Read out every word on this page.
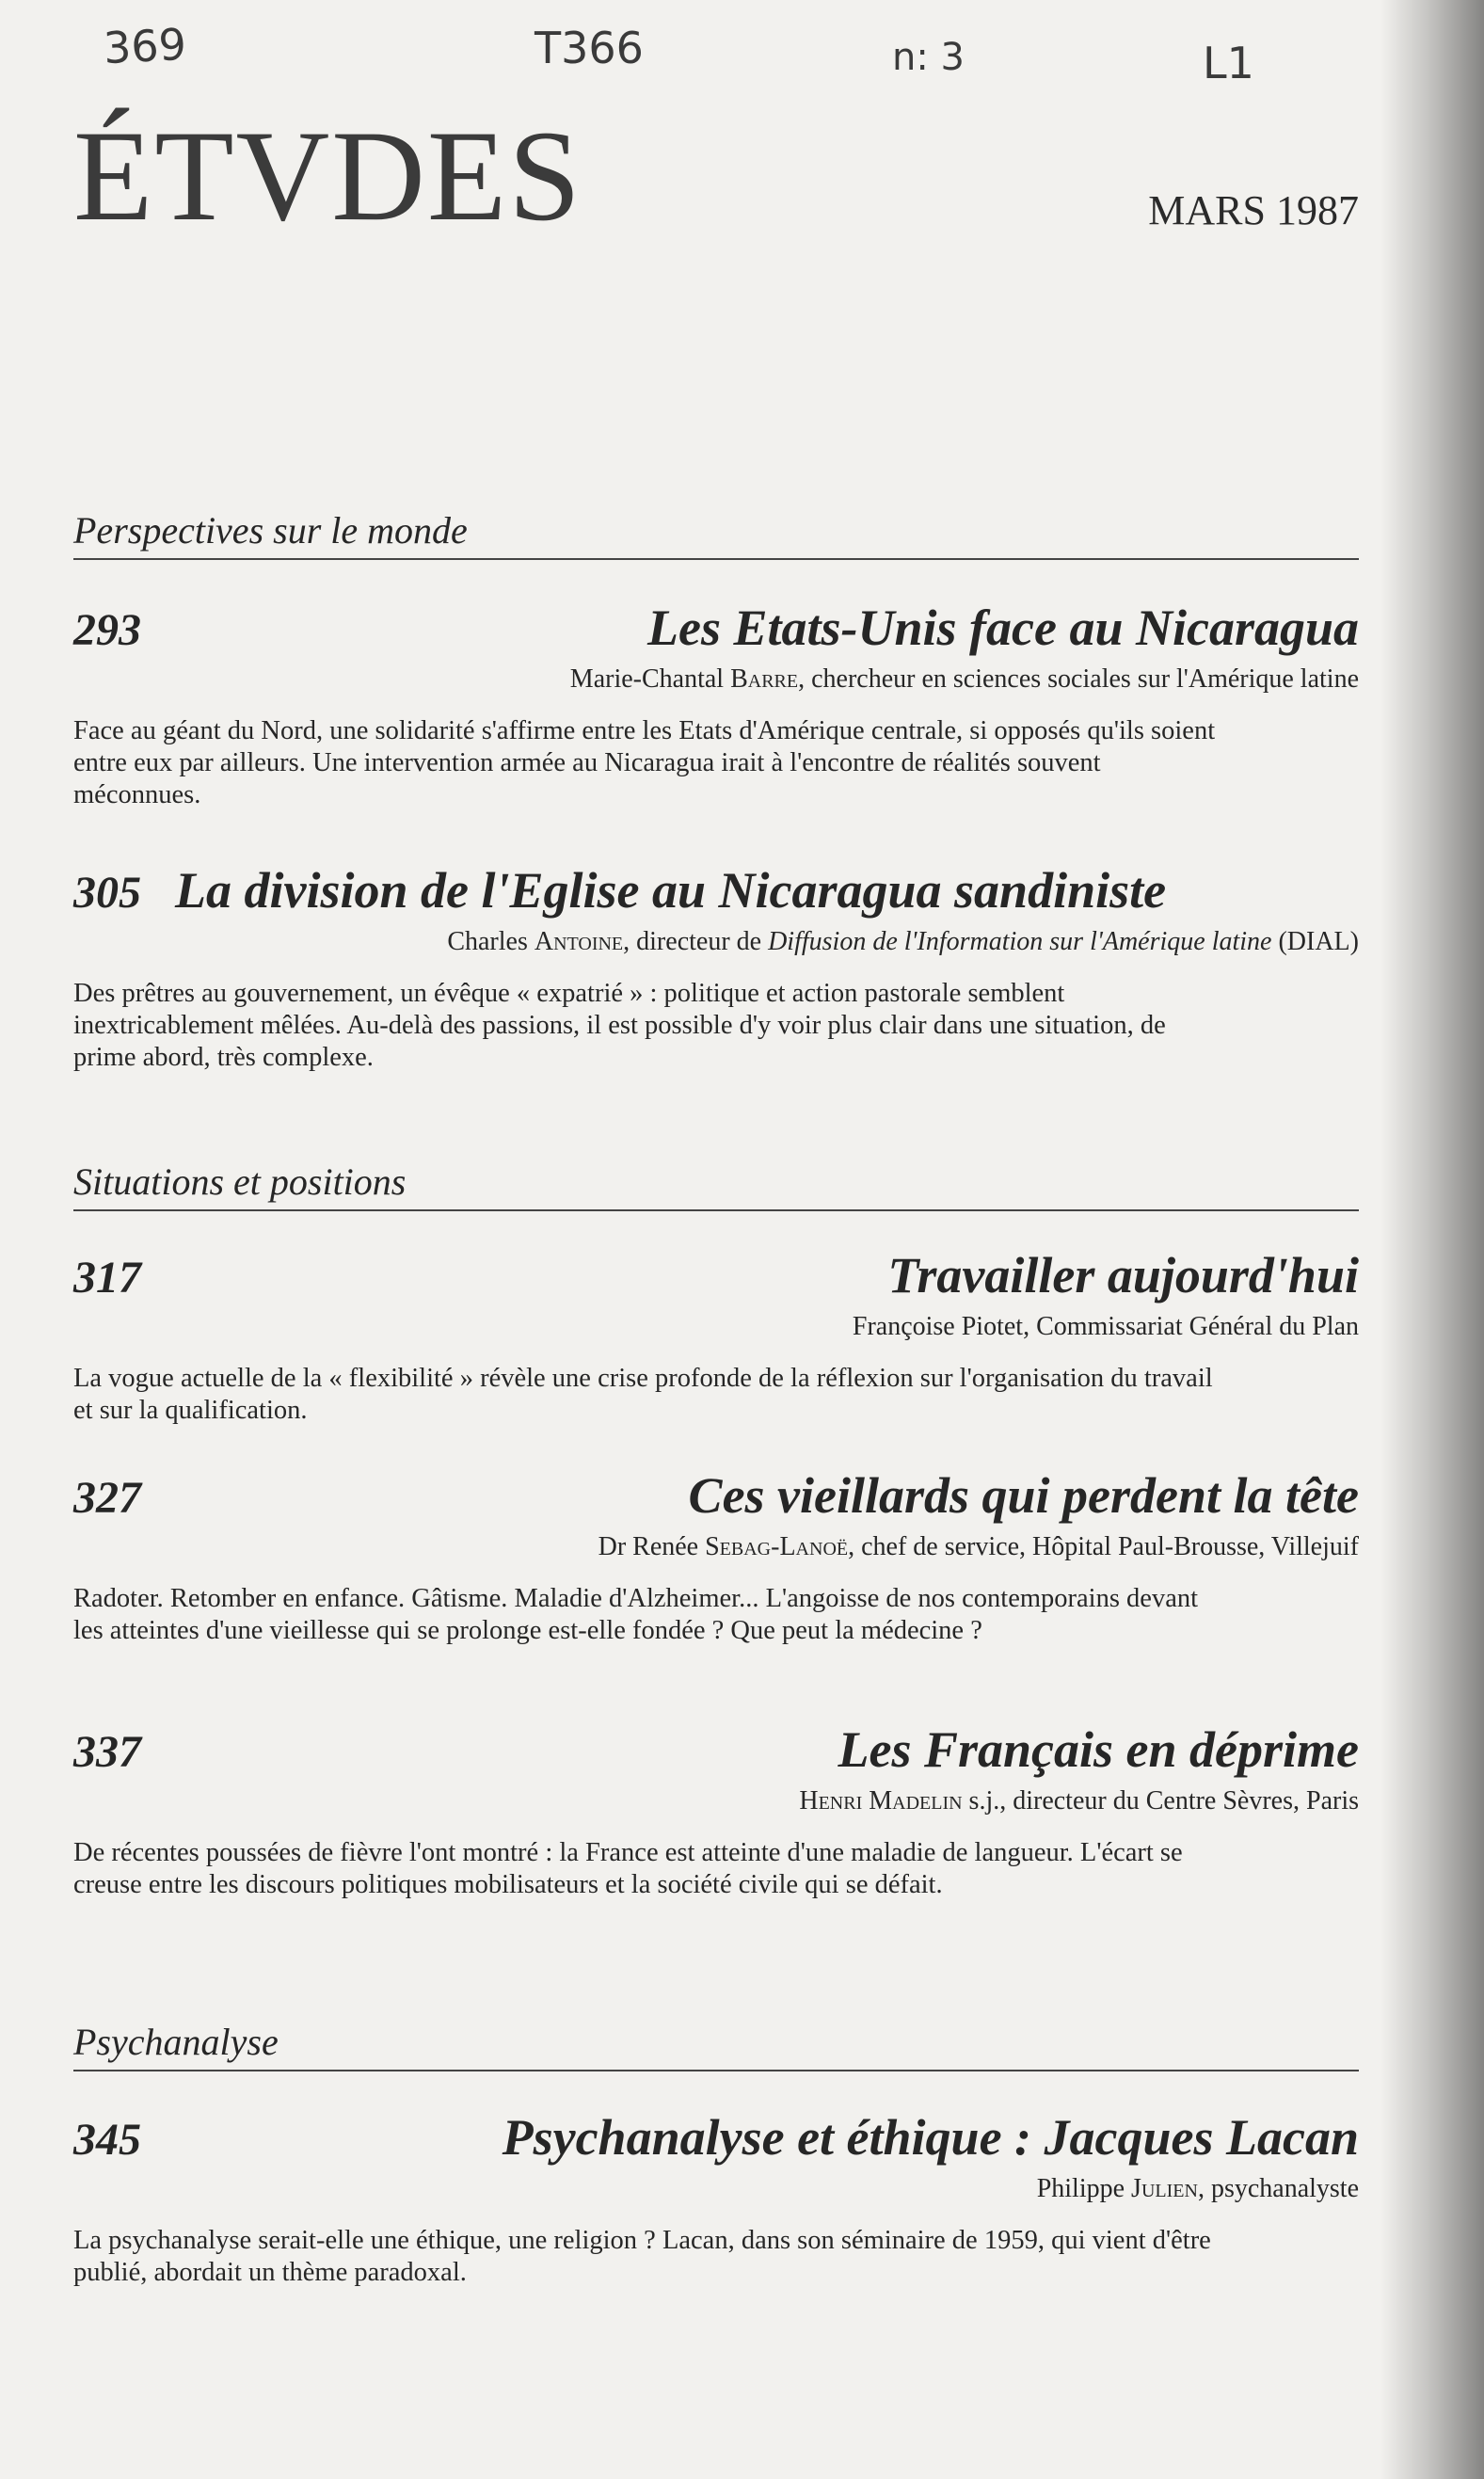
369	T366	n: 3	L1
ÉTVDES	MARS 1987
Perspectives sur le monde
293	Les Etats-Unis face au Nicaragua
Marie-Chantal Barre, chercheur en sciences sociales sur l'Amérique latine
Face au géant du Nord, une solidarité s'affirme entre les Etats d'Amérique centrale, si opposés qu'ils soient entre eux par ailleurs. Une intervention armée au Nicaragua irait à l'encontre de réalités souvent méconnues.
305 La division de l'Eglise au Nicaragua sandiniste
Charles Antoine, directeur de Diffusion de l'Information sur l'Amérique latine (DIAL)
Des prêtres au gouvernement, un évêque « expatrié » : politique et action pastorale semblent inextricablement mêlées. Au-delà des passions, il est possible d'y voir plus clair dans une situation, de prime abord, très complexe.
Situations et positions
317	Travailler aujourd'hui
Françoise Piotet, Commissariat Général du Plan
La vogue actuelle de la « flexibilité » révèle une crise profonde de la réflexion sur l'organisation du travail et sur la qualification.
327	Ces vieillards qui perdent la tête
Dr Renée Sebag-Lanoë, chef de service, Hôpital Paul-Brousse, Villejuif
Radoter. Retomber en enfance. Gâtisme. Maladie d'Alzheimer... L'angoisse de nos contemporains devant les atteintes d'une vieillesse qui se prolonge est-elle fondée ? Que peut la médecine ?
337	Les Français en déprime
Henri Madelin s.j., directeur du Centre Sèvres, Paris
De récentes poussées de fièvre l'ont montré : la France est atteinte d'une maladie de langueur. L'écart se creuse entre les discours politiques mobilisateurs et la société civile qui se défait.
Psychanalyse
345	Psychanalyse et éthique : Jacques Lacan
Philippe Julien, psychanalyste
La psychanalyse serait-elle une éthique, une religion ? Lacan, dans son séminaire de 1959, qui vient d'être publié, abordait un thème paradoxal.
